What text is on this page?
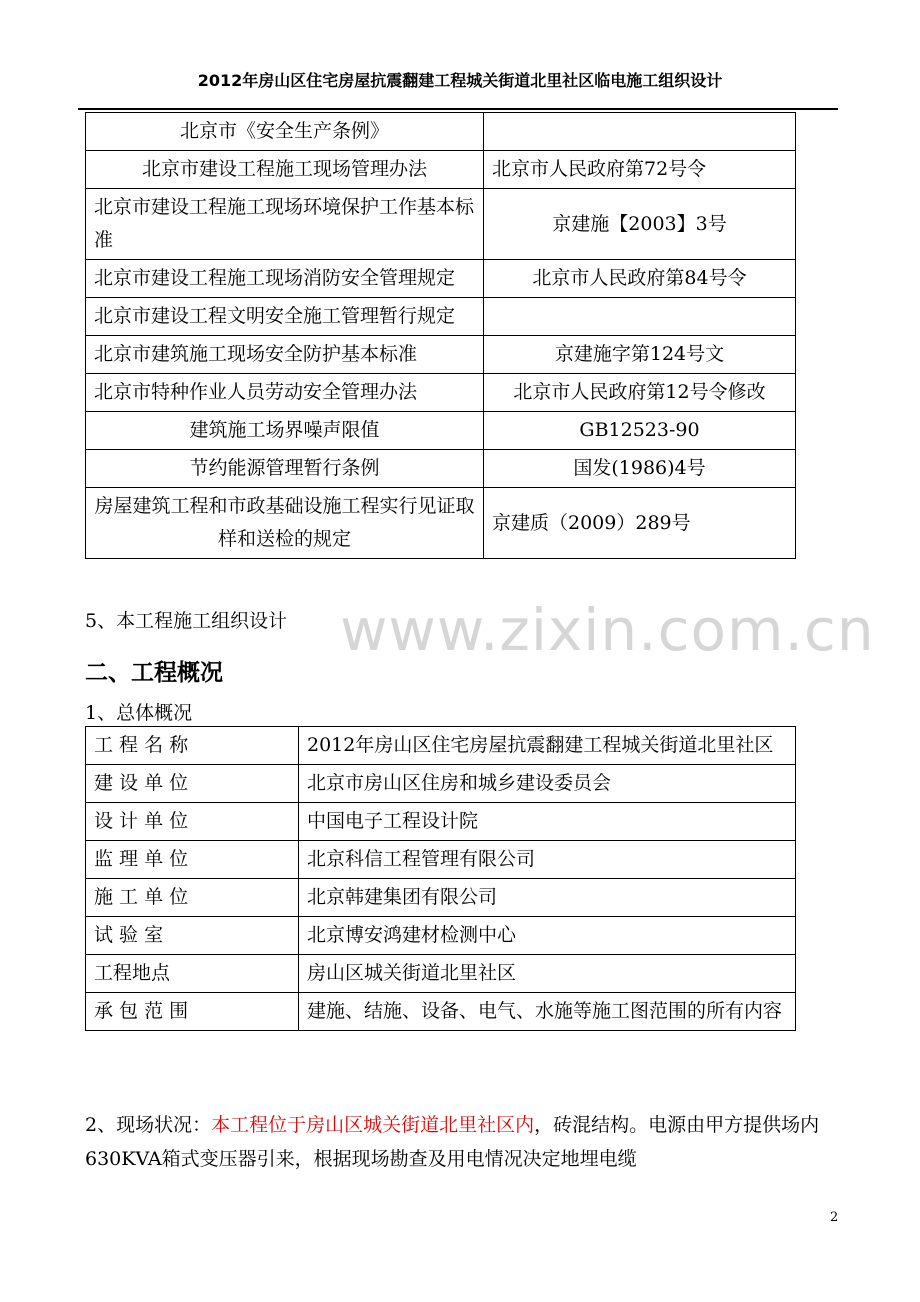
2012年房山区住宅房屋抗震翻建工程城关街道北里社区临电施工组织设计
北京市《安全生产条例》	
北京市建设工程施工现场管理办法	北京市人民政府第72号令
北京市建设工程施工现场环境保护工作基本标准	京建施【2003】3号
北京市建设工程施工现场消防安全管理规定	北京市人民政府第84号令
北京市建设工程文明安全施工管理暂行规定	
北京市建筑施工现场安全防护基本标准	京建施字第124号文
北京市特种作业人员劳动安全管理办法	北京市人民政府第12号令修改
建筑施工场界噪声限值	GB12523-90
节约能源管理暂行条例	国发(1986)4号
房屋建筑工程和市政基础设施工程实行见证取样和送检的规定	京建质（2009）289号
5、本工程施工组织设计 www.zixin.com.cn
二、工程概况
1、总体概况
工 程 名 称	2012年房山区住宅房屋抗震翻建工程城关街道北里社区
建 设 单 位	北京市房山区住房和城乡建设委员会
设 计 单 位	中国电子工程设计院
监 理 单 位	北京科信工程管理有限公司
施 工 单 位	北京韩建集团有限公司
试 验 室	北京博安鸿建材检测中心
工程地点	房山区城关街道北里社区
承 包 范 围	建施、结施、设备、电气、水施等施工图范围的所有内容
2、现场状况：本工程位于房山区城关街道北里社区内，砖混结构。电源由甲方提供场内630KVA箱式变压器引来，根据现场勘查及用电情况决定地埋电缆
2
